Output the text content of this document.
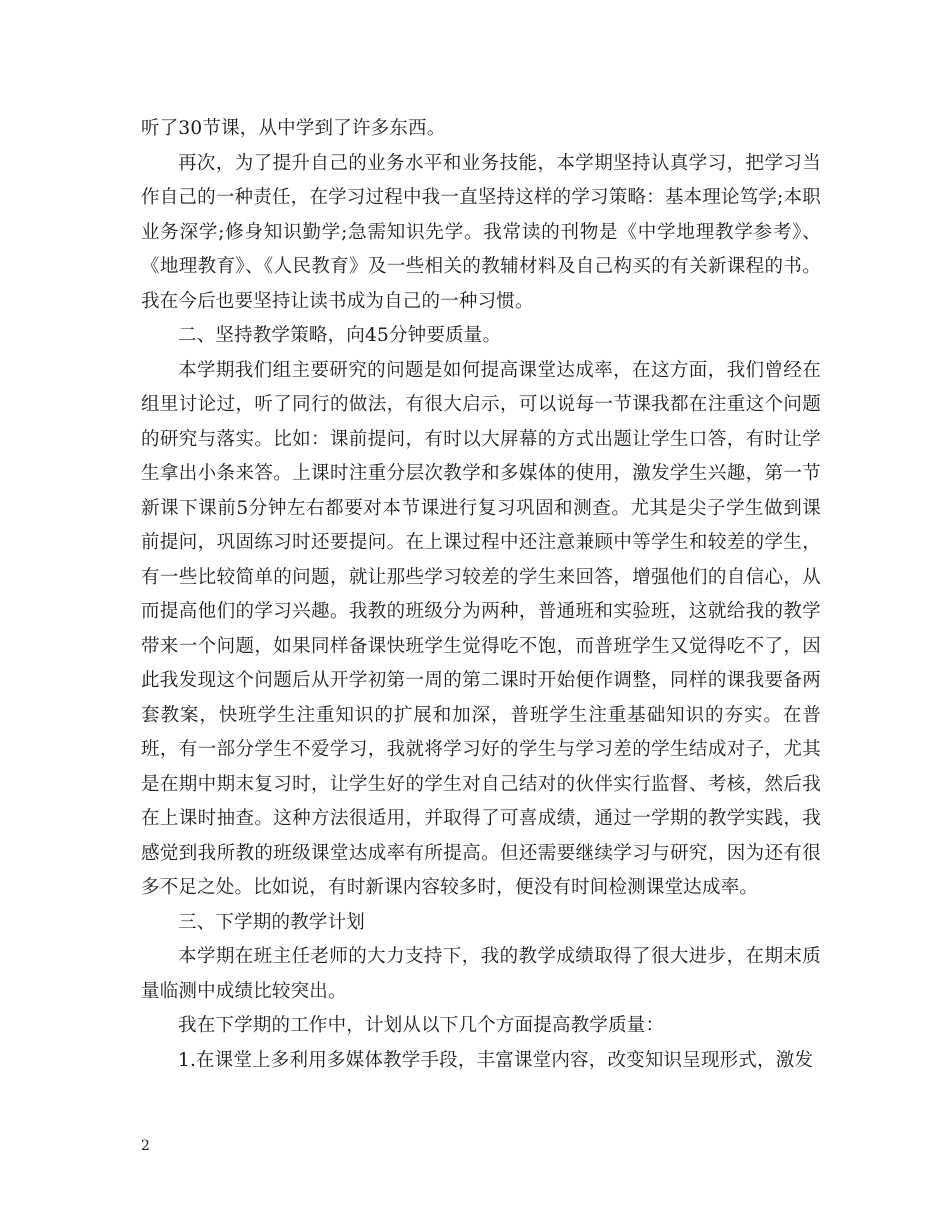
听了30节课，从中学到了许多东西。

再次，为了提升自己的业务水平和业务技能，本学期坚持认真学习，把学习当作自己的一种责任，在学习过程中我一直坚持这样的学习策略：基本理论笃学;本职业务深学;修身知识勤学;急需知识先学。我常读的刊物是《中学地理教学参考》、《地理教育》、《人民教育》及一些相关的教辅材料及自己构买的有关新课程的书。我在今后也要坚持让读书成为自己的一种习惯。

二、坚持教学策略，向45分钟要质量。

本学期我们组主要研究的问题是如何提高课堂达成率，在这方面，我们曾经在组里讨论过，听了同行的做法，有很大启示，可以说每一节课我都在注重这个问题的研究与落实。比如：课前提问，有时以大屏幕的方式出题让学生口答，有时让学生拿出小条来答。上课时注重分层次教学和多媒体的使用，激发学生兴趣，第一节新课下课前5分钟左右都要对本节课进行复习巩固和测查。尤其是尖子学生做到课前提问，巩固练习时还要提问。在上课过程中还注意兼顾中等学生和较差的学生，有一些比较简单的问题，就让那些学习较差的学生来回答，增强他们的自信心，从而提高他们的学习兴趣。我教的班级分为两种，普通班和实验班，这就给我的教学带来一个问题，如果同样备课快班学生觉得吃不饱，而普班学生又觉得吃不了，因此我发现这个问题后从开学初第一周的第二课时开始便作调整，同样的课我要备两套教案，快班学生注重知识的扩展和加深，普班学生注重基础知识的夯实。在普班，有一部分学生不爱学习，我就将学习好的学生与学习差的学生结成对子，尤其是在期中期末复习时，让学生好的学生对自己结对的伙伴实行监督、考核，然后我在上课时抽查。这种方法很适用，并取得了可喜成绩，通过一学期的教学实践，我感觉到我所教的班级课堂达成率有所提高。但还需要继续学习与研究，因为还有很多不足之处。比如说，有时新课内容较多时，便没有时间检测课堂达成率。

三、下学期的教学计划

本学期在班主任老师的大力支持下，我的教学成绩取得了很大进步，在期末质量临测中成绩比较突出。

我在下学期的工作中，计划从以下几个方面提高教学质量：

1.在课堂上多利用多媒体教学手段，丰富课堂内容，改变知识呈现形式，激发

2
